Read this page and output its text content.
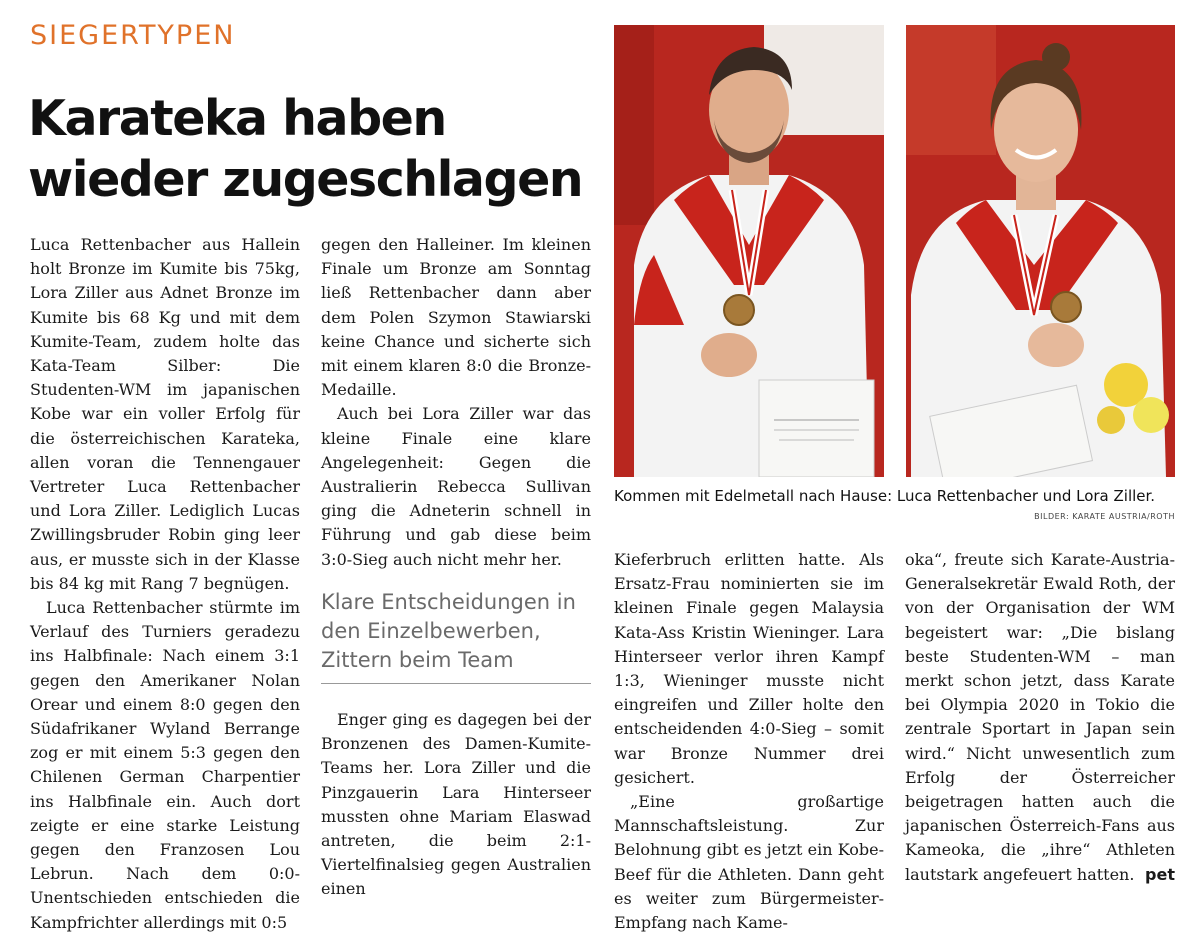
SIEGERTYPEN
Karateka haben
wieder zugeschlagen

Luca Rettenbacher aus Hallein holt Bronze im Kumite bis 75kg, Lora Ziller aus Adnet Bronze im Kumite bis 68 Kg und mit dem Kumite-Team, zudem holte das Kata-Team Silber: Die Studenten-WM im japanischen Kobe war ein voller Erfolg für die österreichischen Karateka, allen voran die Tennengauer Vertreter Luca Rettenbacher und Lora Ziller. Lediglich Lucas Zwillingsbruder Robin ging leer aus, er musste sich in der Klasse bis 84 kg mit Rang 7 begnügen.

Luca Rettenbacher stürmte im Verlauf des Turniers geradezu ins Halbfinale: Nach einem 3:1 gegen den Amerikaner Nolan Orear und einem 8:0 gegen den Südafrikaner Wyland Berrange zog er mit einem 5:3 gegen den Chilenen German Charpentier ins Halbfinale ein. Auch dort zeigte er eine starke Leistung gegen den Franzosen Lou Lebrun. Nach dem 0:0-Unentschieden entschieden die Kampfrichter allerdings mit 0:5

gegen den Halleiner. Im kleinen Finale um Bronze am Sonntag ließ Rettenbacher dann aber dem Polen Szymon Stawiarski keine Chance und sicherte sich mit einem klaren 8:0 die Bronze-Medaille.

Auch bei Lora Ziller war das kleine Finale eine klare Angelegenheit: Gegen die Australierin Rebecca Sullivan ging die Adneterin schnell in Führung und gab diese beim 3:0-Sieg auch nicht mehr her.

Klare Entscheidungen in den Einzelbewerben, Zittern beim Team

Enger ging es dagegen bei der Bronzenen des Damen-Kumite-Teams her. Lora Ziller und die Pinzgauerin Lara Hinterseer mussten ohne Mariam Elaswad antreten, die beim 2:1-Viertelfinalsieg gegen Australien einen

Kommen mit Edelmetall nach Hause: Luca Rettenbacher und Lora Ziller.

BILDER: KARATE AUSTRIA/ROTH

Kieferbruch erlitten hatte. Als Ersatz-Frau nominierten sie im kleinen Finale gegen Malaysia Kata-Ass Kristin Wieninger. Lara Hinterseer verlor ihren Kampf 1:3, Wieninger musste nicht eingreifen und Ziller holte den entscheidenden 4:0-Sieg – somit war Bronze Nummer drei gesichert.

„Eine großartige Mannschaftsleistung. Zur Belohnung gibt es jetzt ein Kobe-Beef für die Athleten. Dann geht es weiter zum Bürgermeister-Empfang nach Kame-

oka“, freute sich Karate-Austria-Generalsekretär Ewald Roth, der von der Organisation der WM begeistert war: „Die bislang beste Studenten-WM – man merkt schon jetzt, dass Karate bei Olympia 2020 in Tokio die zentrale Sportart in Japan sein wird.“ Nicht unwesentlich zum Erfolg der Österreicher beigetragen hatten auch die japanischen Österreich-Fans aus Kameoka, die „ihre“ Athleten lautstark angefeuert hatten. pet
